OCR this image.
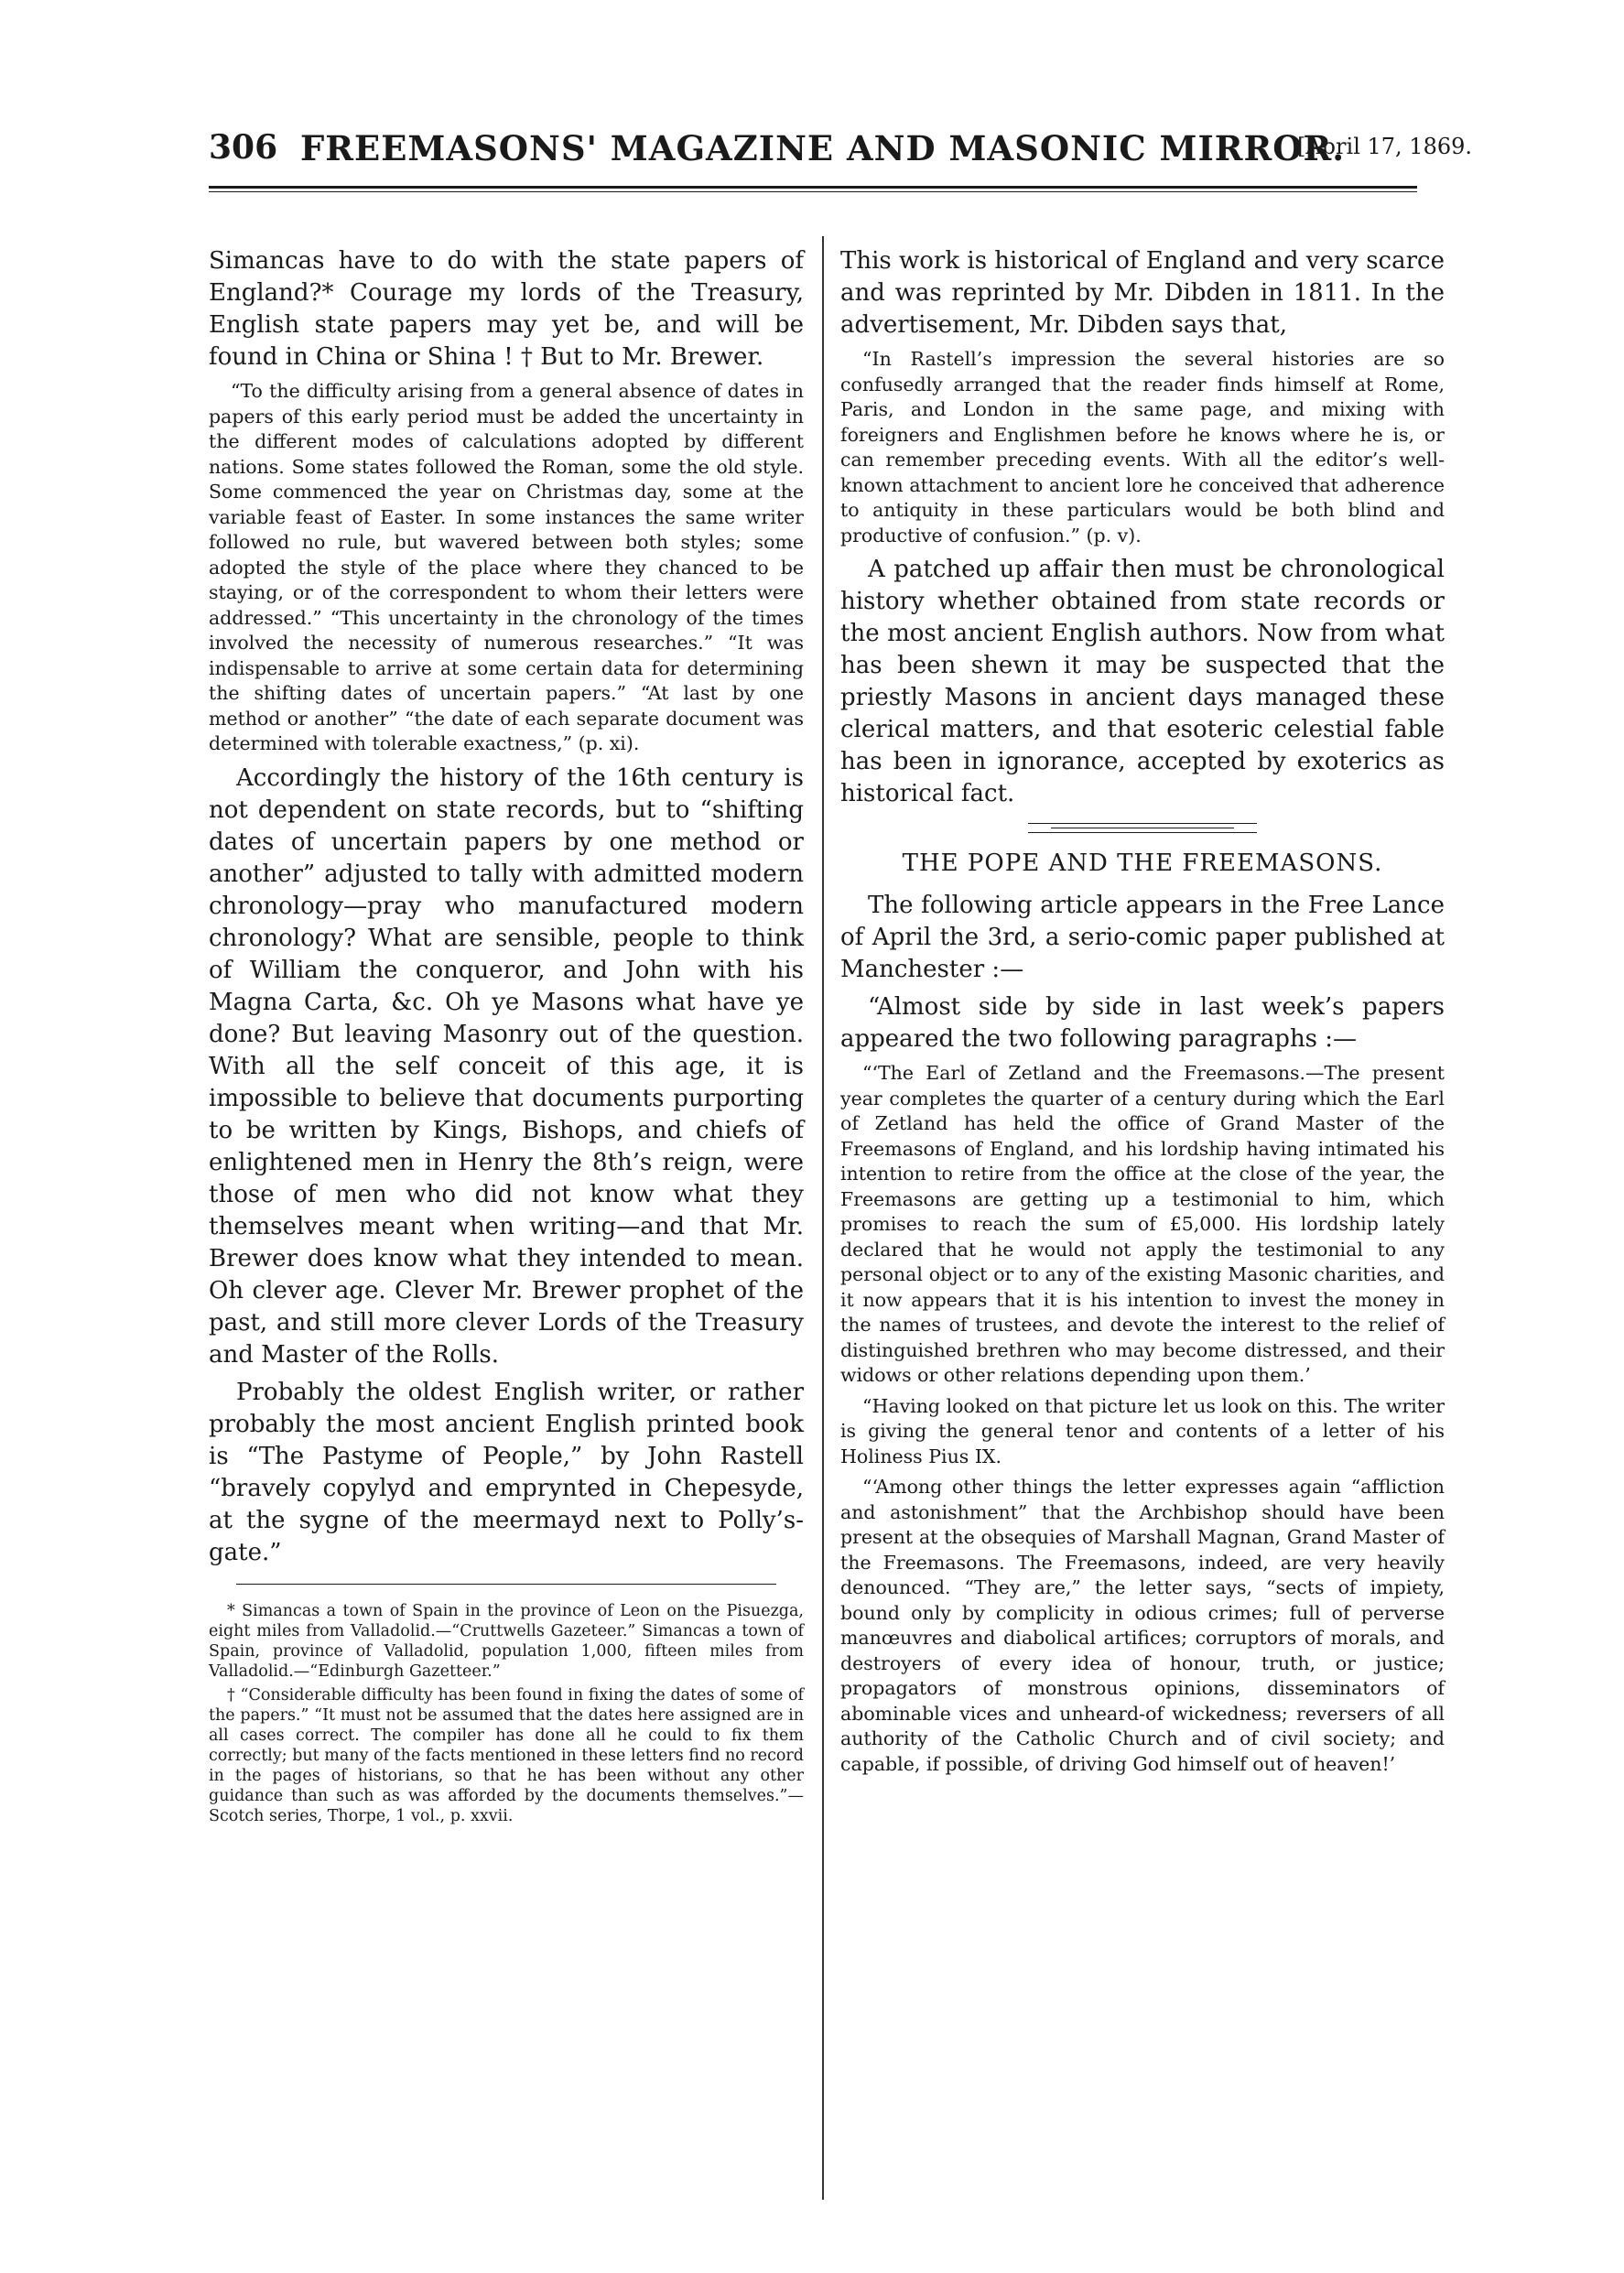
306 FREEMASONS' MAGAZINE AND MASONIC MIRROR.
[April 17, 1869.

Simancas have to do with the state papers of England?* Courage my lords of the Treasury, English state papers may yet be, and will be found in China or Shina ! † But to Mr. Brewer.

“To the difficulty arising from a general absence of dates in papers of this early period must be added the uncertainty in the different modes of calculations adopted by different nations. Some states followed the Roman, some the old style. Some commenced the year on Christmas day, some at the variable feast of Easter. In some instances the same writer followed no rule, but wavered between both styles; some adopted the style of the place where they chanced to be staying, or of the correspondent to whom their letters were addressed.” “This uncertainty in the chronology of the times involved the necessity of numerous researches.” “It was indispensable to arrive at some certain data for determining the shifting dates of uncertain papers.” “At last by one method or another” “the date of each separate document was determined with tolerable exactness,” (p. xi).

Accordingly the history of the 16th century is not dependent on state records, but to “shifting dates of uncertain papers by one method or another” adjusted to tally with admitted modern chronology—pray who manufactured modern chronology? What are sensible, people to think of William the conqueror, and John with his Magna Carta, &c. Oh ye Masons what have ye done? But leaving Masonry out of the question. With all the self conceit of this age, it is impossible to believe that documents purporting to be written by Kings, Bishops, and chiefs of enlightened men in Henry the 8th’s reign, were those of men who did not know what they themselves meant when writing—and that Mr. Brewer does know what they intended to mean. Oh clever age. Clever Mr. Brewer prophet of the past, and still more clever Lords of the Treasury and Master of the Rolls.

Probably the oldest English writer, or rather probably the most ancient English printed book is “The Pastyme of People,” by John Rastell “bravely copylyd and emprynted in Chepesyde, at the sygne of the meermayd next to Polly’s-gate.”

* Simancas a town of Spain in the province of Leon on the Pisuezga, eight miles from Valladolid.—“Cruttwells Gazeteer.” Simancas a town of Spain, province of Valladolid, population 1,000, fifteen miles from Valladolid.—“Edinburgh Gazetteer.”

† “Considerable difficulty has been found in fixing the dates of some of the papers.” “It must not be assumed that the dates here assigned are in all cases correct. The compiler has done all he could to fix them correctly; but many of the facts mentioned in these letters find no record in the pages of historians, so that he has been without any other guidance than such as was afforded by the documents themselves.”—Scotch series, Thorpe, 1 vol., p. xxvii.

This work is historical of England and very scarce and was reprinted by Mr. Dibden in 1811. In the advertisement, Mr. Dibden says that,

“In Rastell’s impression the several histories are so confusedly arranged that the reader finds himself at Rome, Paris, and London in the same page, and mixing with foreigners and Englishmen before he knows where he is, or can remember preceding events. With all the editor’s well-known attachment to ancient lore he conceived that adherence to antiquity in these particulars would be both blind and productive of confusion.” (p. v).

A patched up affair then must be chronological history whether obtained from state records or the most ancient English authors. Now from what has been shewn it may be suspected that the priestly Masons in ancient days managed these clerical matters, and that esoteric celestial fable has been in ignorance, accepted by exoterics as historical fact.

THE POPE AND THE FREEMASONS.

The following article appears in the Free Lance of April the 3rd, a serio-comic paper published at Manchester :—

“Almost side by side in last week’s papers appeared the two following paragraphs :—

“‘The Earl of Zetland and the Freemasons.—The present year completes the quarter of a century during which the Earl of Zetland has held the office of Grand Master of the Freemasons of England, and his lordship having intimated his intention to retire from the office at the close of the year, the Freemasons are getting up a testimonial to him, which promises to reach the sum of £5,000. His lordship lately declared that he would not apply the testimonial to any personal object or to any of the existing Masonic charities, and it now appears that it is his intention to invest the money in the names of trustees, and devote the interest to the relief of distinguished brethren who may become distressed, and their widows or other relations depending upon them.’

“Having looked on that picture let us look on this. The writer is giving the general tenor and contents of a letter of his Holiness Pius IX.

“‘Among other things the letter expresses again “affliction and astonishment” that the Archbishop should have been present at the obsequies of Marshall Magnan, Grand Master of the Freemasons. The Freemasons, indeed, are very heavily denounced. “They are,” the letter says, “sects of impiety, bound only by complicity in odious crimes; full of perverse manœuvres and diabolical artifices; corruptors of morals, and destroyers of every idea of honour, truth, or justice; propagators of monstrous opinions, disseminators of abominable vices and unheard-of wickedness; reversers of all authority of the Catholic Church and of civil society; and capable, if possible, of driving God himself out of heaven!’
